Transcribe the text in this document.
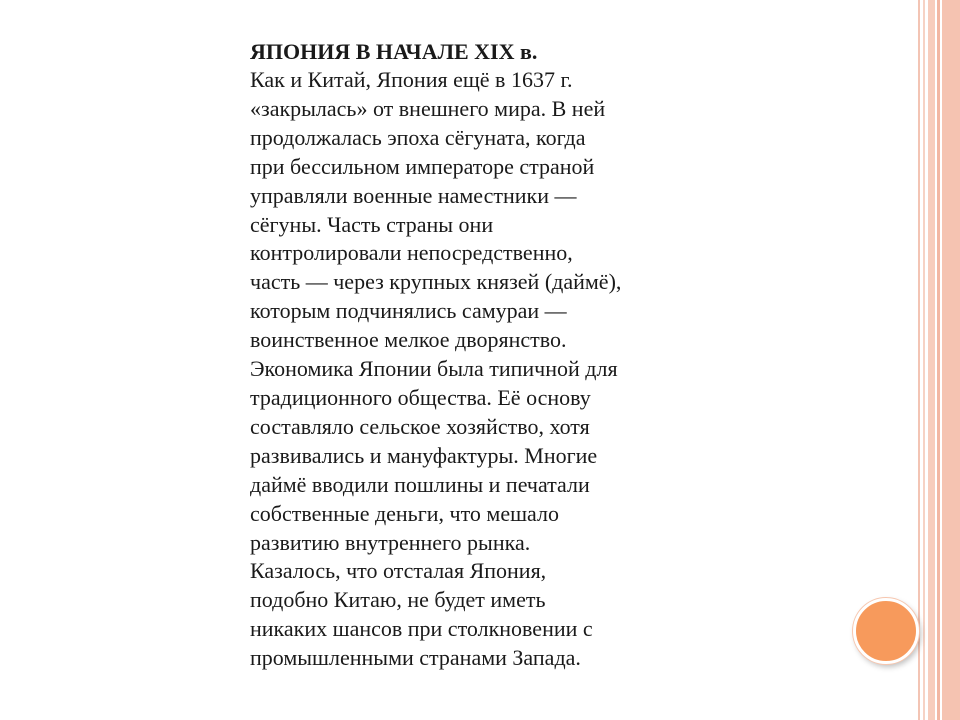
ЯПОНИЯ В НАЧАЛЕ XIX в.

Как и Китай, Япония ещё в 1637 г.

«закрылась» от внешнего мира. В ней

продолжалась эпоха сёгуната, когда

при бессильном императоре страной

управляли военные наместники —

сёгуны. Часть страны они

контролировали непосредственно,

часть — через крупных князей (даймё),

которым подчинялись самураи —

воинственное мелкое дворянство.

Экономика Японии была типичной для

традиционного общества. Её основу

составляло сельское хозяйство, хотя

развивались и мануфактуры. Многие

даймё вводили пошлины и печатали

собственные деньги, что мешало

развитию внутреннего рынка.

Казалось, что отсталая Япония,

подобно Китаю, не будет иметь

никаких шансов при столкновении с

промышленными странами Запада.
